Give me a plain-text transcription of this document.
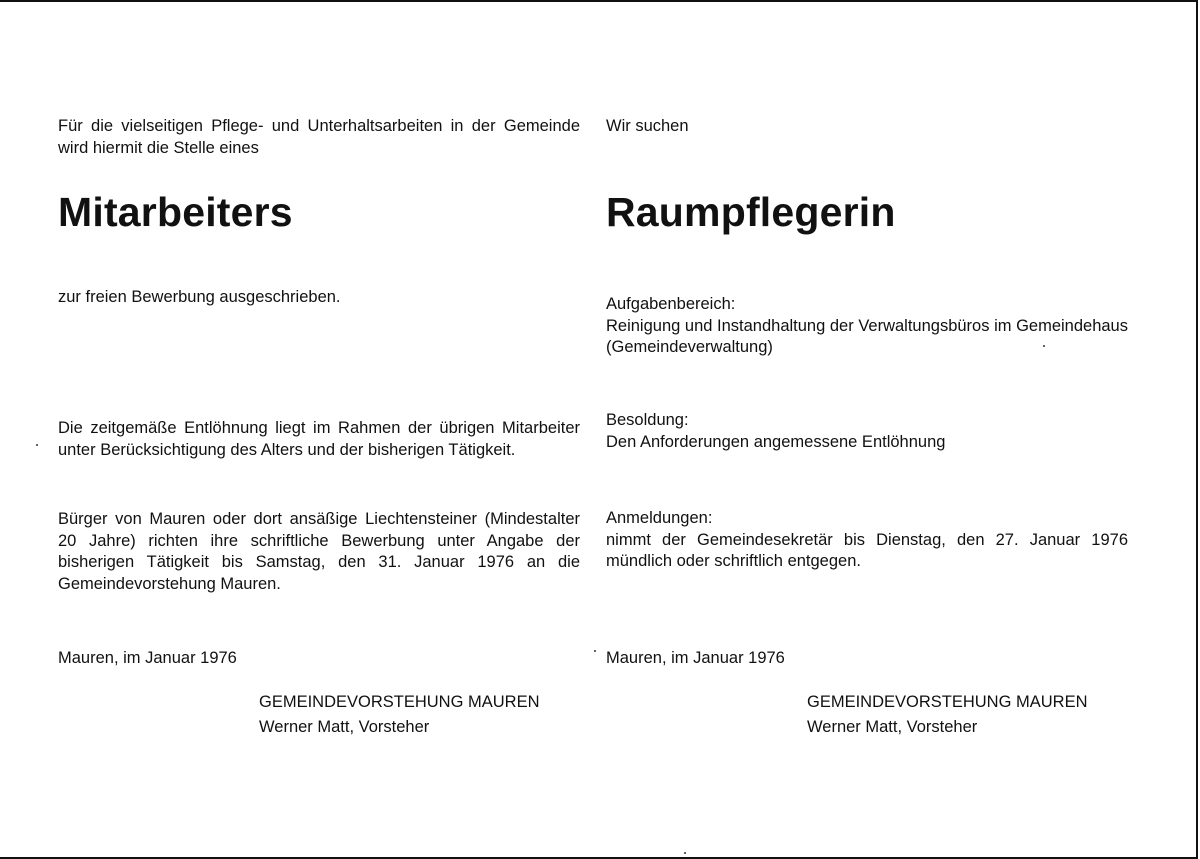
Für die vielseitigen Pflege- und Unterhaltsarbeiten in der Gemeinde wird hiermit die Stelle eines

Mitarbeiters

zur freien Bewerbung ausgeschrieben.

Die zeitgemäße Entlöhnung liegt im Rahmen der übrigen Mitarbeiter unter Berücksichtigung des Alters und der bisherigen Tätigkeit.

Bürger von Mauren oder dort ansäßige Liechtensteiner (Mindestalter 20 Jahre) richten ihre schriftliche Bewerbung unter Angabe der bisherigen Tätigkeit bis Samstag, den 31. Januar 1976 an die Gemeindevorstehung Mauren.

Mauren, im Januar 1976

GEMEINDEVORSTEHUNG MAUREN
Werner Matt, Vorsteher

Wir suchen

Raumpflegerin

Aufgabenbereich:

Reinigung und Instandhaltung der Verwaltungsbüros im Gemeindehaus (Gemeindeverwaltung)

Besoldung:

Den Anforderungen angemessene Entlöhnung

Anmeldungen:

nimmt der Gemeindesekretär bis Dienstag, den 27. Januar 1976 mündlich oder schriftlich entgegen.

Mauren, im Januar 1976

GEMEINDEVORSTEHUNG MAUREN
Werner Matt, Vorsteher
